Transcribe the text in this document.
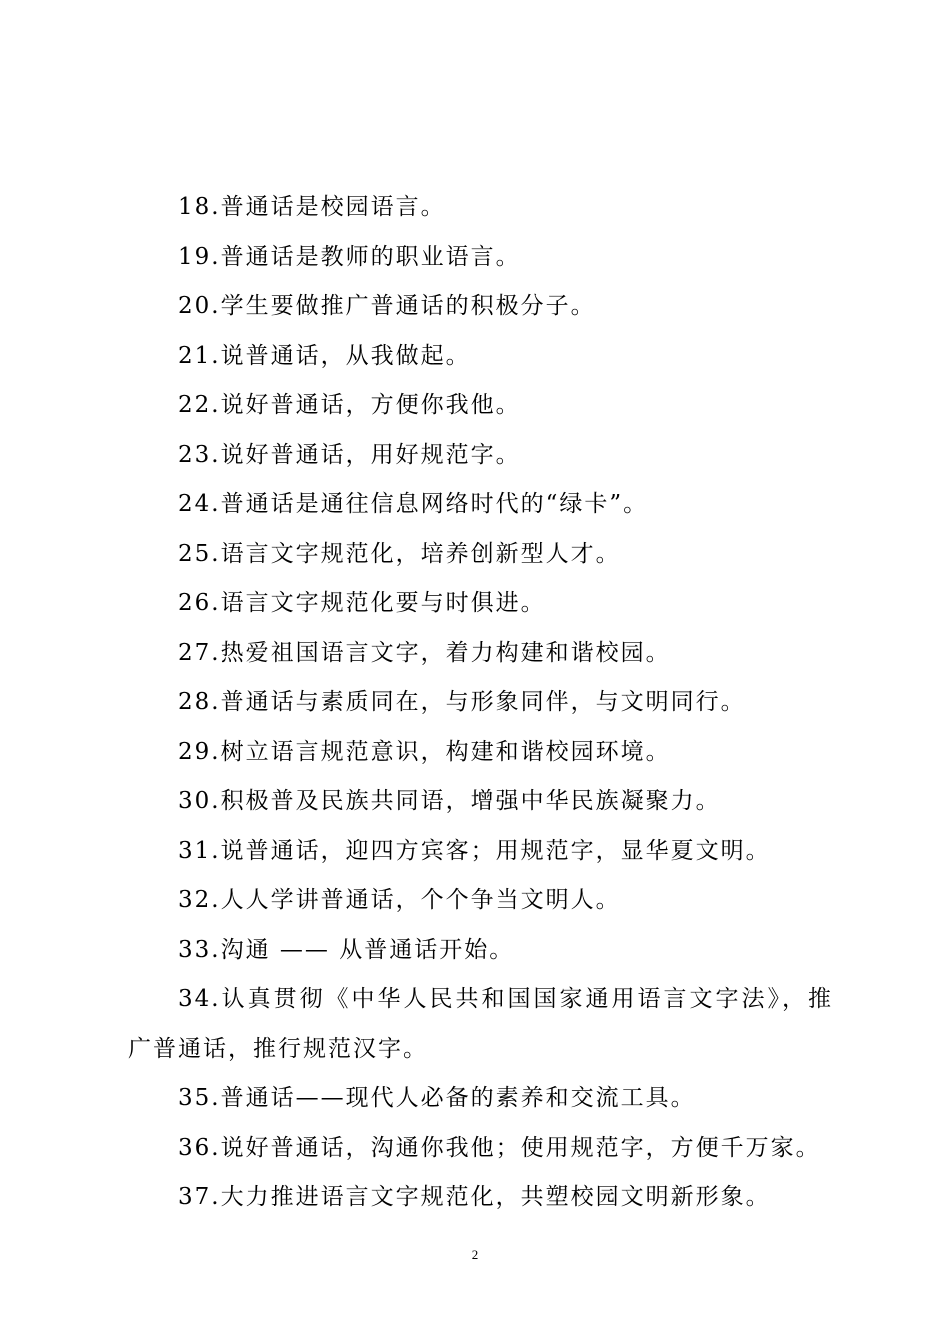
18.普通话是校园语言。
19.普通话是教师的职业语言。
20.学生要做推广普通话的积极分子。
21.说普通话，从我做起。
22.说好普通话，方便你我他。
23.说好普通话，用好规范字。
24.普通话是通往信息网络时代的“绿卡”。
25.语言文字规范化，培养创新型人才。
26.语言文字规范化要与时俱进。
27.热爱祖国语言文字，着力构建和谐校园。
28.普通话与素质同在，与形象同伴，与文明同行。
29.树立语言规范意识，构建和谐校园环境。
30.积极普及民族共同语，增强中华民族凝聚力。
31.说普通话，迎四方宾客；用规范字，显华夏文明。
32.人人学讲普通话，个个争当文明人。
33.沟通 —— 从普通话开始。
34.认真贯彻《中华人民共和国国家通用语言文字法》，推广普通话，推行规范汉字。
35.普通话——现代人必备的素养和交流工具。
36.说好普通话，沟通你我他；使用规范字，方便千万家。
37.大力推进语言文字规范化，共塑校园文明新形象。
2
